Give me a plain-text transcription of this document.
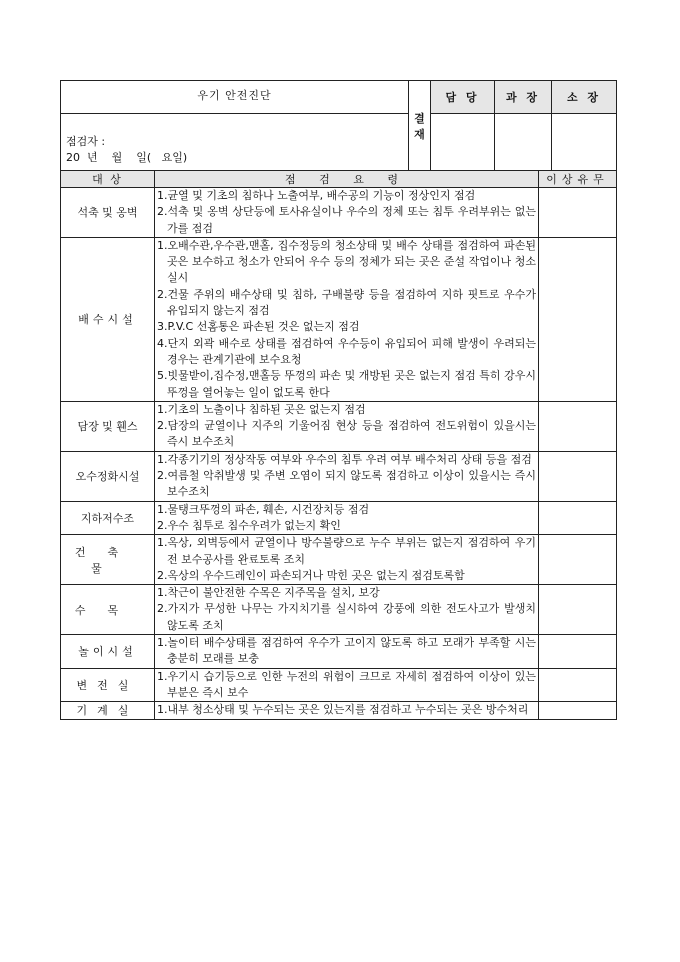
우기 안전진단	결 재	담 당	과 장	소 장

점검자 :
20  년    월    일(   요일)				

대 상	점 검 요 령	이상유무
석축 및 옹벽	1.균열 및 기초의 침하나 노출여부, 배수공의 기능이 정상인지 점검
2.석축 및 옹벽 상단등에 토사유실이나 우수의 정체 또는 침투 우려부위는 없는가를 점검	

배수시설	1.오배수관,우수관,맨홀, 집수정등의 청소상태 및 배수 상태를 점검하여 파손된 곳은 보수하고 청소가 안되어 우수 등의 정체가 되는 곳은 준설 작업이나 청소실시
2.건물 주위의 배수상태 및 침하, 구배불량 등을 점검하여 지하 핏트로 우수가 유입되지 않는지 점검
3.P.V.C 선홈통은 파손된 것은 없는지 점검
4.단지 외곽 배수로 상태를 점검하여 우수등이 유입되어 피해 발생이 우려되는 경우는 관계기관에 보수요청
5.빗물받이,집수정,맨홀등 뚜껑의 파손 및 개방된 곳은 없는지 점검 특히 강우시 뚜껑을 열어놓는 일이 없도록 한다	

담장 및 휀스	1.기초의 노출이나 침하된 곳은 없는지 점검
2.담장의 균열이나 지주의 기울어짐 현상 등을 점검하여 전도위험이 있을시는 즉시 보수조치	

오수정화시설	1.각종기기의 정상작동 여부와 우수의 침투 우려 여부 배수처리 상태 등을 점검
2.여름철 악취발생 및 주변 오염이 되지 않도록 점검하고 이상이 있을시는 즉시 보수조치	

지하저수조	1.물탱크뚜껑의 파손, 훼손, 시건장치등 점검
2.우수 침투로 침수우려가 없는지 확인	

건축물	1.옥상, 외벽등에서 균열이나 방수불량으로 누수 부위는 없는지 점검하여 우기전 보수공사를 완료토록 조치
2.옥상의 우수드레인이 파손되거나 막힌 곳은 없는지 점검토록함	

수목	1.착근이 불안전한 수목은 지주목을 설치, 보강
2.가지가 무성한 나무는 가지치기를 실시하여 강풍에 의한 전도사고가 발생치 않도록 조치	

놀이시설	1.놀이터 배수상태를 점검하여 우수가 고이지 않도록 하고 모래가 부족할 시는 충분히 모래를 보충	

변전실	1.우기시 습기등으로 인한 누전의 위험이 크므로 자세히 점검하여 이상이 있는 부분은 즉시 보수	

기계실	1.내부 청소상태 및 누수되는 곳은 있는지를 점검하고 누수되는 곳은 방수처리	
